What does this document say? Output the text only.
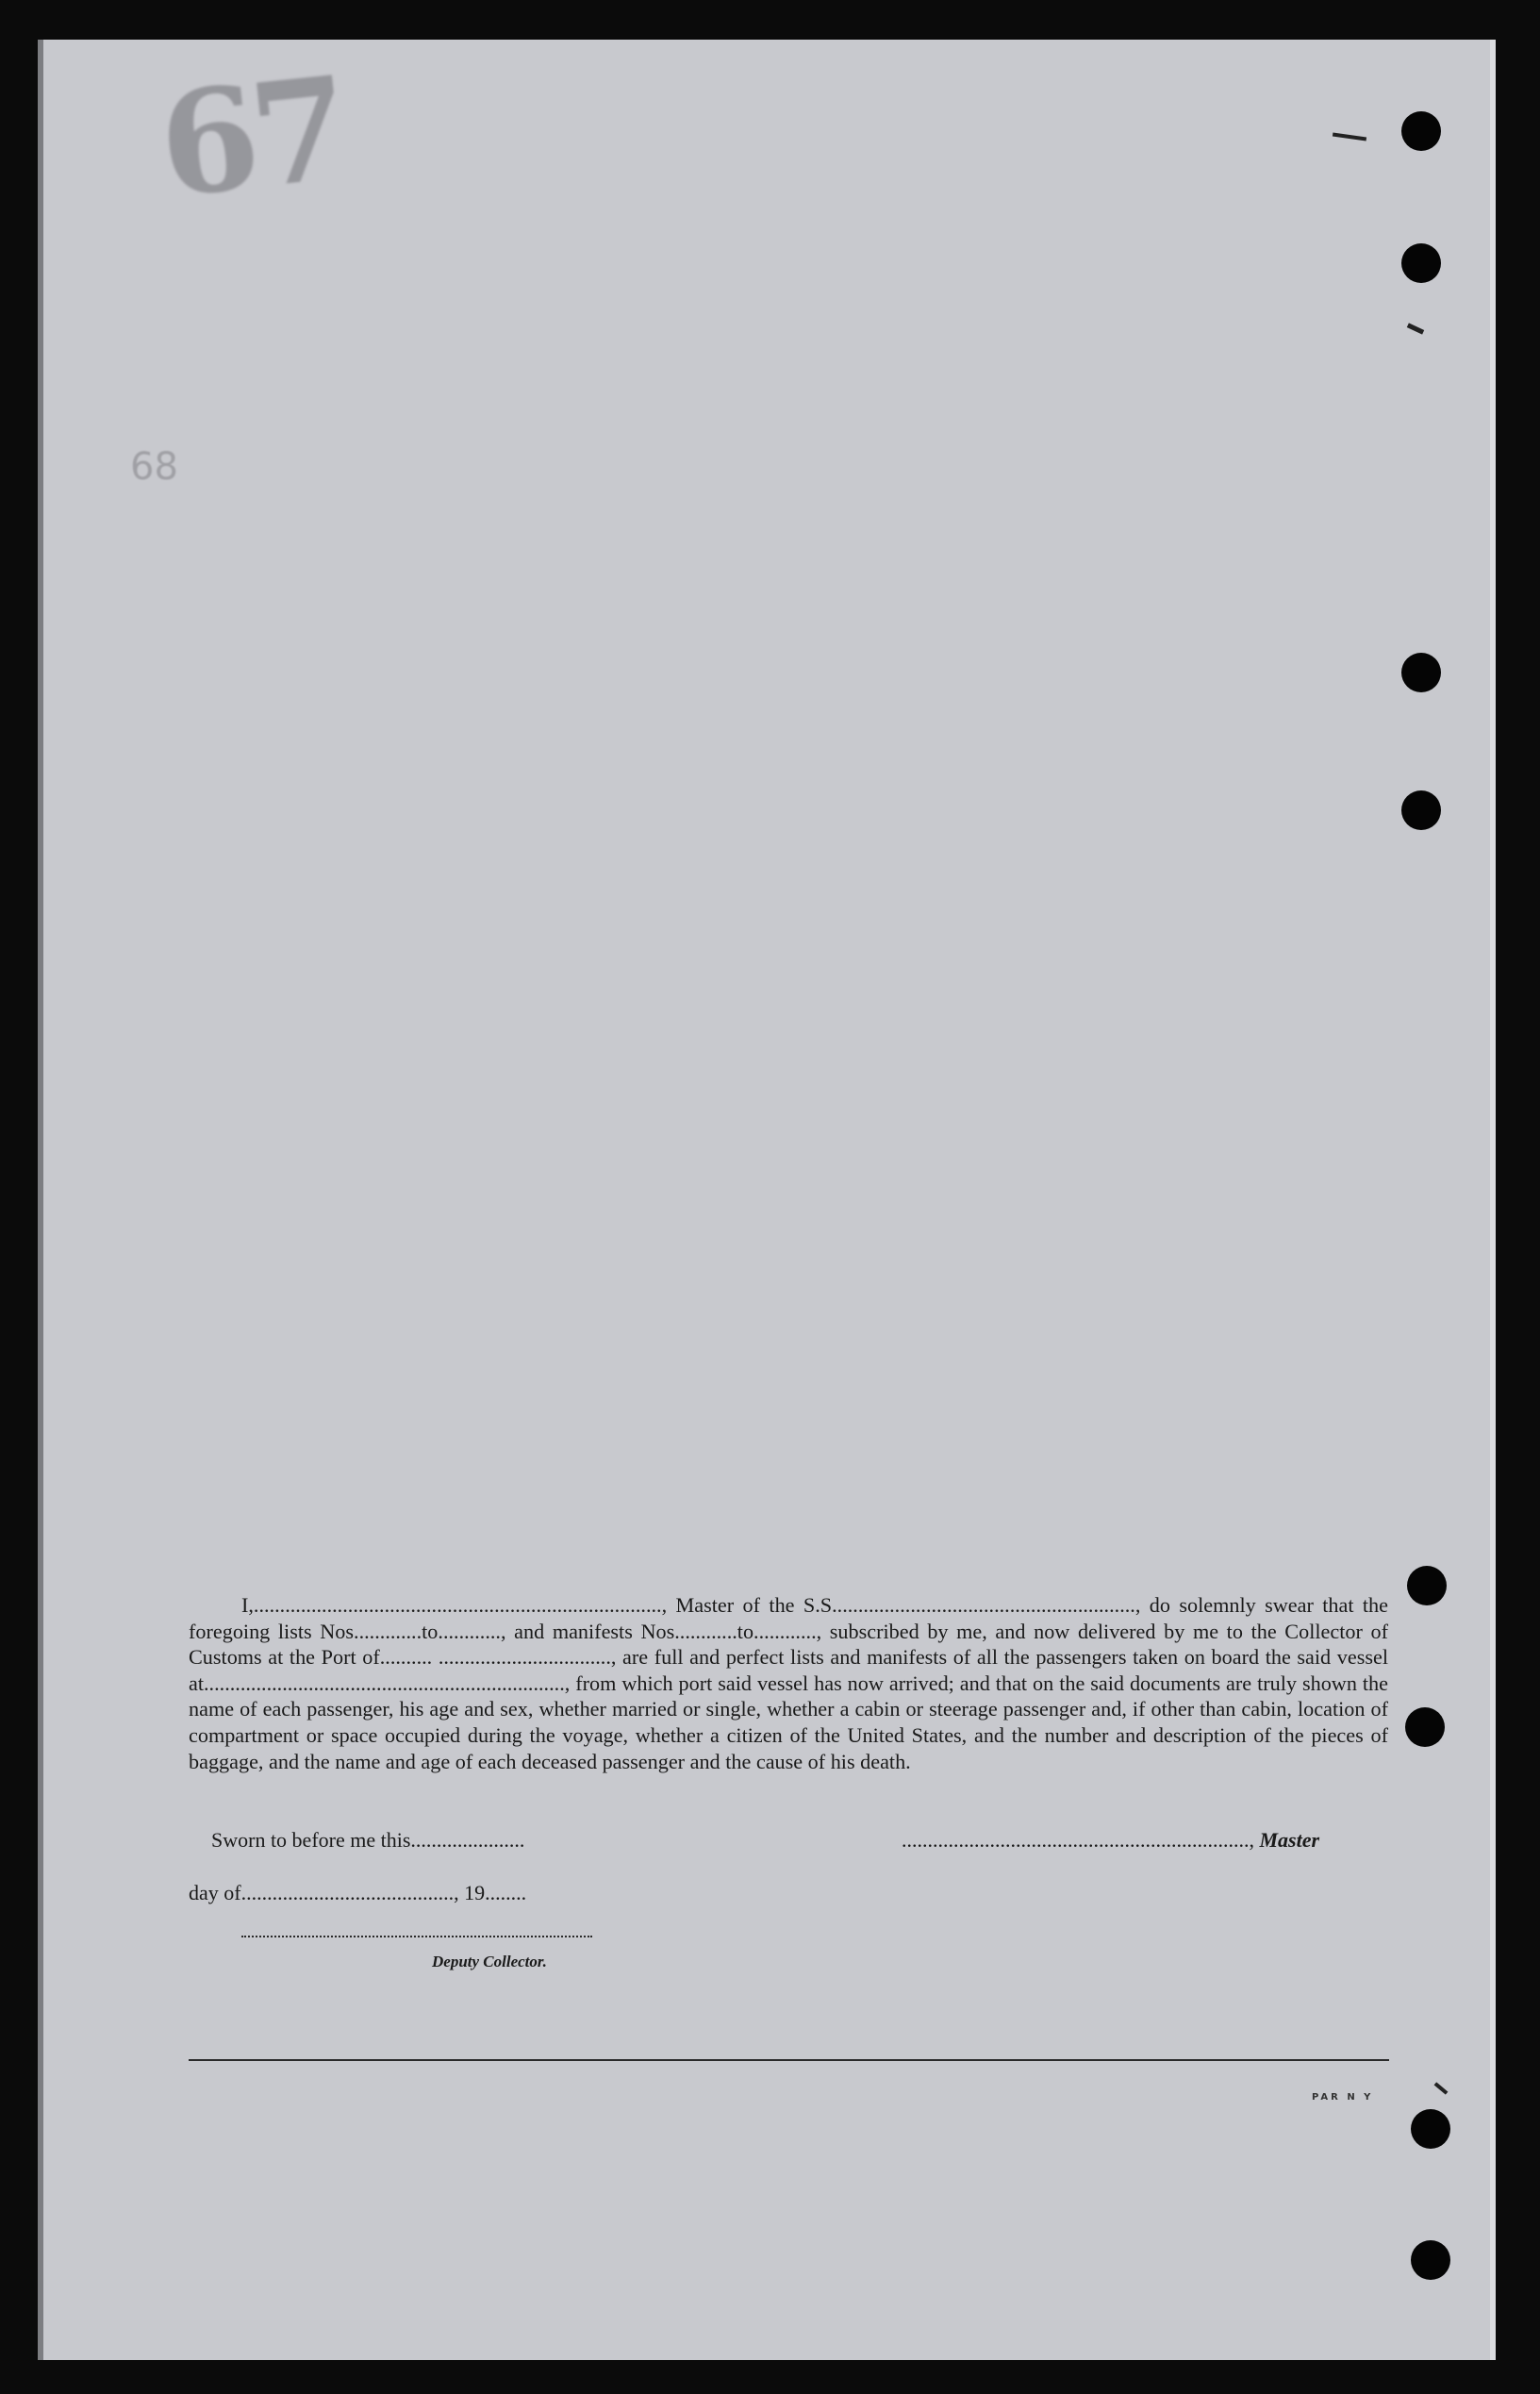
67
68
I,.............................................................................., Master of the S.S.........................................................., do solemnly swear that the foregoing lists Nos.............to............, and manifests Nos............to............, subscribed by me, and now delivered by me to the Collector of Customs at the Port of.......... ................................., are full and perfect lists and manifests of all the passengers taken on board the said vessel at....................................................................., from which port said vessel has now arrived; and that on the said documents are truly shown the name of each passenger, his age and sex, whether married or single, whether a cabin or steerage passenger and, if other than cabin, location of compartment or space occupied during the voyage, whether a citizen of the United States, and the number and description of the pieces of baggage, and the name and age of each deceased passenger and the cause of his death.
Sworn to before me this......................	..................................................................., Master
day of........................................., 19........
Deputy Collector.
PAR N Y
